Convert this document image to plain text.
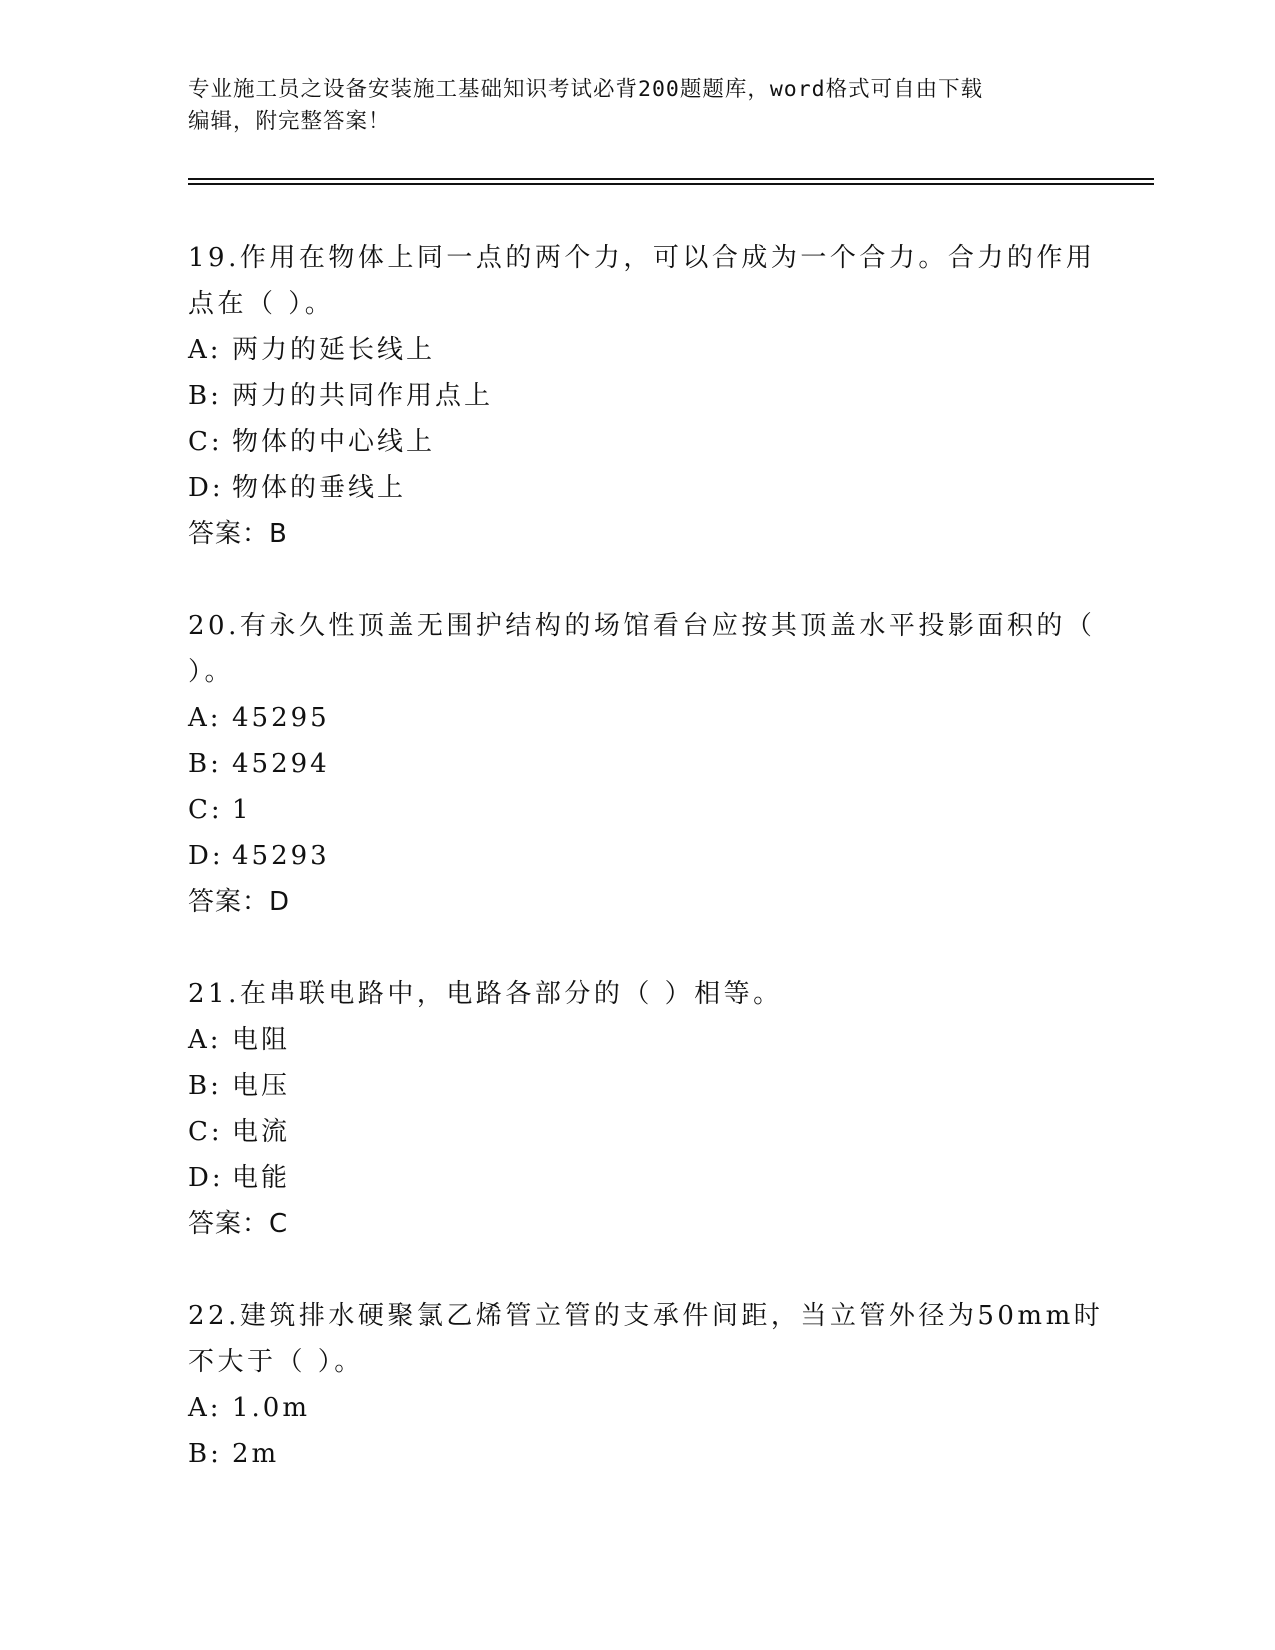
专业施工员之设备安装施工基础知识考试必背200题题库，word格式可自由下载
编辑，附完整答案！
19.作用在物体上同一点的两个力，可以合成为一个合力。合力的作用
点在（ ）。
A: 两力的延长线上
B: 两力的共同作用点上
C: 物体的中心线上
D: 物体的垂线上
答案：B
20.有永久性顶盖无围护结构的场馆看台应按其顶盖水平投影面积的（
）。
A: 45295
B: 45294
C: 1
D: 45293
答案：D
21.在串联电路中，电路各部分的（ ）相等。
A: 电阻
B: 电压
C: 电流
D: 电能
答案：C
22.建筑排水硬聚氯乙烯管立管的支承件间距，当立管外径为50mm时
不大于（ ）。
A: 1.0m
B: 2m
